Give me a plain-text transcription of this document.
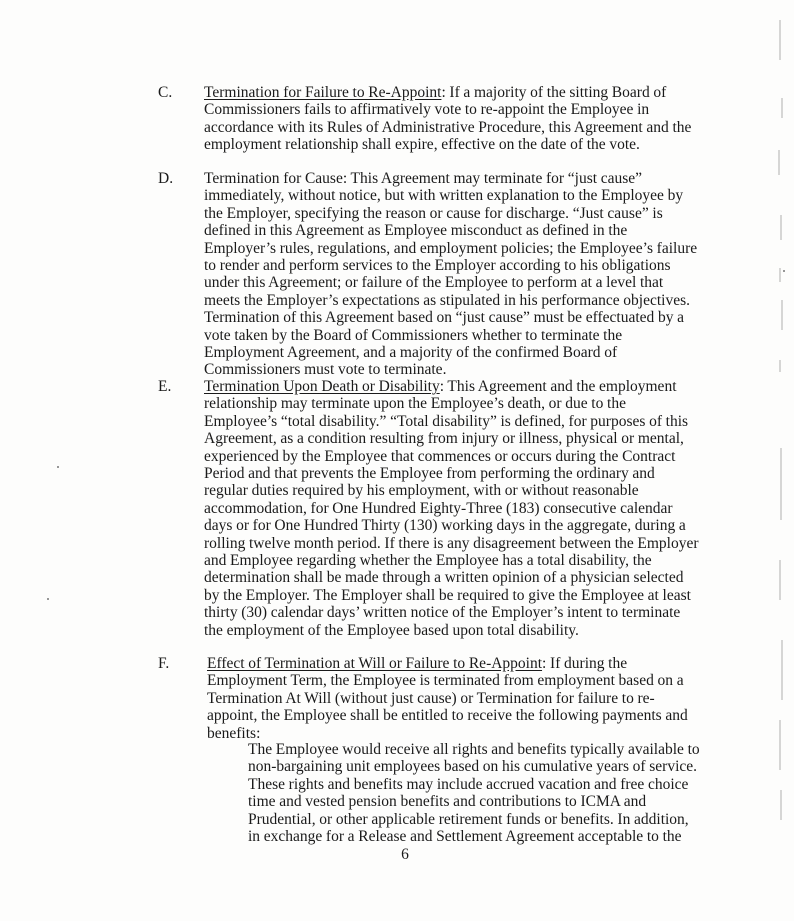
C. Termination for Failure to Re-Appoint: If a majority of the sitting Board of Commissioners fails to affirmatively vote to re-appoint the Employee in accordance with its Rules of Administrative Procedure, this Agreement and the employment relationship shall expire, effective on the date of the vote.
D. Termination for Cause: This Agreement may terminate for “just cause” immediately, without notice, but with written explanation to the Employee by the Employer, specifying the reason or cause for discharge. “Just cause” is defined in this Agreement as Employee misconduct as defined in the Employer’s rules, regulations, and employment policies; the Employee’s failure to render and perform services to the Employer according to his obligations under this Agreement; or failure of the Employee to perform at a level that meets the Employer’s expectations as stipulated in his performance objectives. Termination of this Agreement based on “just cause” must be effectuated by a vote taken by the Board of Commissioners whether to terminate the Employment Agreement, and a majority of the confirmed Board of Commissioners must vote to terminate.
E. Termination Upon Death or Disability: This Agreement and the employment relationship may terminate upon the Employee’s death, or due to the Employee’s “total disability.” “Total disability” is defined, for purposes of this Agreement, as a condition resulting from injury or illness, physical or mental, experienced by the Employee that commences or occurs during the Contract Period and that prevents the Employee from performing the ordinary and regular duties required by his employment, with or without reasonable accommodation, for One Hundred Eighty-Three (183) consecutive calendar days or for One Hundred Thirty (130) working days in the aggregate, during a rolling twelve month period. If there is any disagreement between the Employer and Employee regarding whether the Employee has a total disability, the determination shall be made through a written opinion of a physician selected by the Employer. The Employer shall be required to give the Employee at least thirty (30) calendar days’ written notice of the Employer’s intent to terminate the employment of the Employee based upon total disability.
F. Effect of Termination at Will or Failure to Re-Appoint: If during the Employment Term, the Employee is terminated from employment based on a Termination At Will (without just cause) or Termination for failure to re-appoint, the Employee shall be entitled to receive the following payments and benefits:
The Employee would receive all rights and benefits typically available to non-bargaining unit employees based on his cumulative years of service. These rights and benefits may include accrued vacation and free choice time and vested pension benefits and contributions to ICMA and Prudential, or other applicable retirement funds or benefits. In addition, in exchange for a Release and Settlement Agreement acceptable to the
6
